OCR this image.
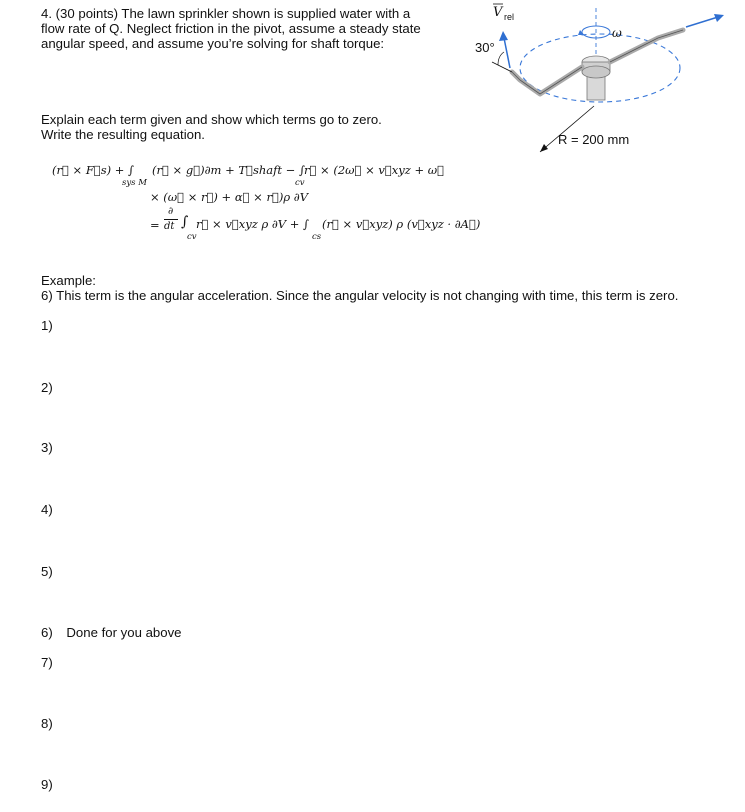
4. (30 points) The lawn sprinkler shown is supplied water with a
flow rate of Q. Neglect friction in the pivot, assume a steady state
angular speed, and assume you’re solving for shaft torque:
ω
30°
V rel
R = 200 mm
Explain each term given and show which terms go to zero.
Write the resulting equation.
(r⃗ × F⃗s) + ∫
sys M
(r⃗ × g⃗)∂m + T⃗shaft − ∫
cv
r⃗ × (2ω⃗ × v⃗xyz + ω⃗
× (ω⃗ × r⃗) + α⃗ × r⃗)ρ ∂V
=
∂
dt ∫
cv
r⃗ × v⃗xyz ρ ∂V + ∫
cs
(r⃗ × v⃗xyz) ρ (v⃗xyz · ∂A⃗)
Example:
6) This term is the angular acceleration. Since the angular velocity is not changing with time, this term is zero.
1)
2)
3)
4)
5)
6) Done for you above
7)
8)
9)
